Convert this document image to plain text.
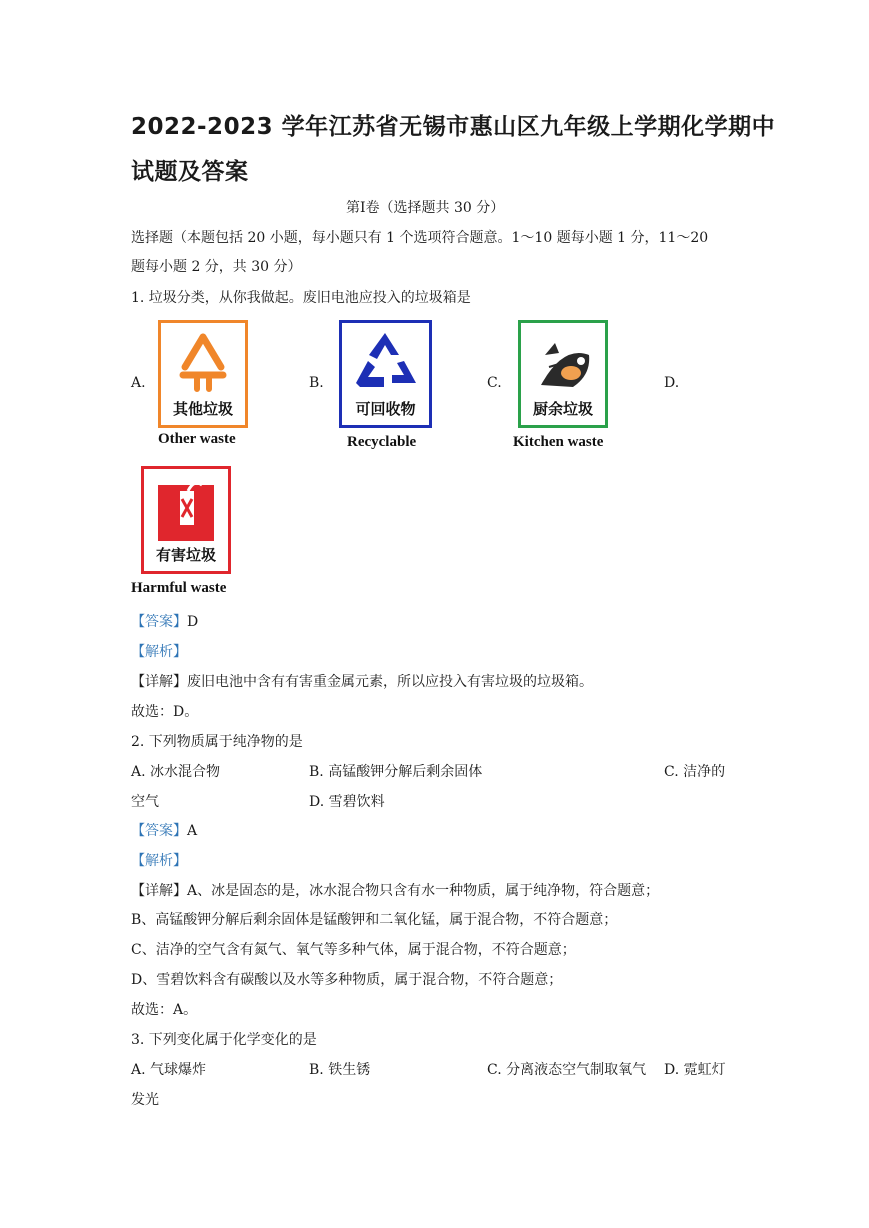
2022-2023 学年江苏省无锡市惠山区九年级上学期化学期中
试题及答案
第Ⅰ卷（选择题共 30 分）
选择题（本题包括 20 小题，每小题只有 1 个选项符合题意。1～10 题每小题 1 分，11～20
题每小题 2 分，共 30 分）
1. 垃圾分类，从你我做起。废旧电池应投入的垃圾箱是
A.	B.	C.	D.
其他垃圾
Other waste
可回收物
Recyclable
厨余垃圾
Kitchen waste
有害垃圾
Harmful waste
【答案】D
【解析】
【详解】废旧电池中含有有害重金属元素，所以应投入有害垃圾的垃圾箱。
故选：D。
2. 下列物质属于纯净物的是
A. 冰水混合物	B. 高锰酸钾分解后剩余固体	C. 洁净的
空气	D. 雪碧饮料
【答案】A
【解析】
【详解】A、冰是固态的是，冰水混合物只含有水一种物质，属于纯净物，符合题意；
B、高锰酸钾分解后剩余固体是锰酸钾和二氧化锰，属于混合物，不符合题意；
C、洁净的空气含有氮气、氧气等多种气体，属于混合物，不符合题意；
D、雪碧饮料含有碳酸以及水等多种物质，属于混合物，不符合题意；
故选：A。
3. 下列变化属于化学变化的是
A. 气球爆炸	B. 铁生锈	C. 分离液态空气制取氧气 D. 霓虹灯
发光
